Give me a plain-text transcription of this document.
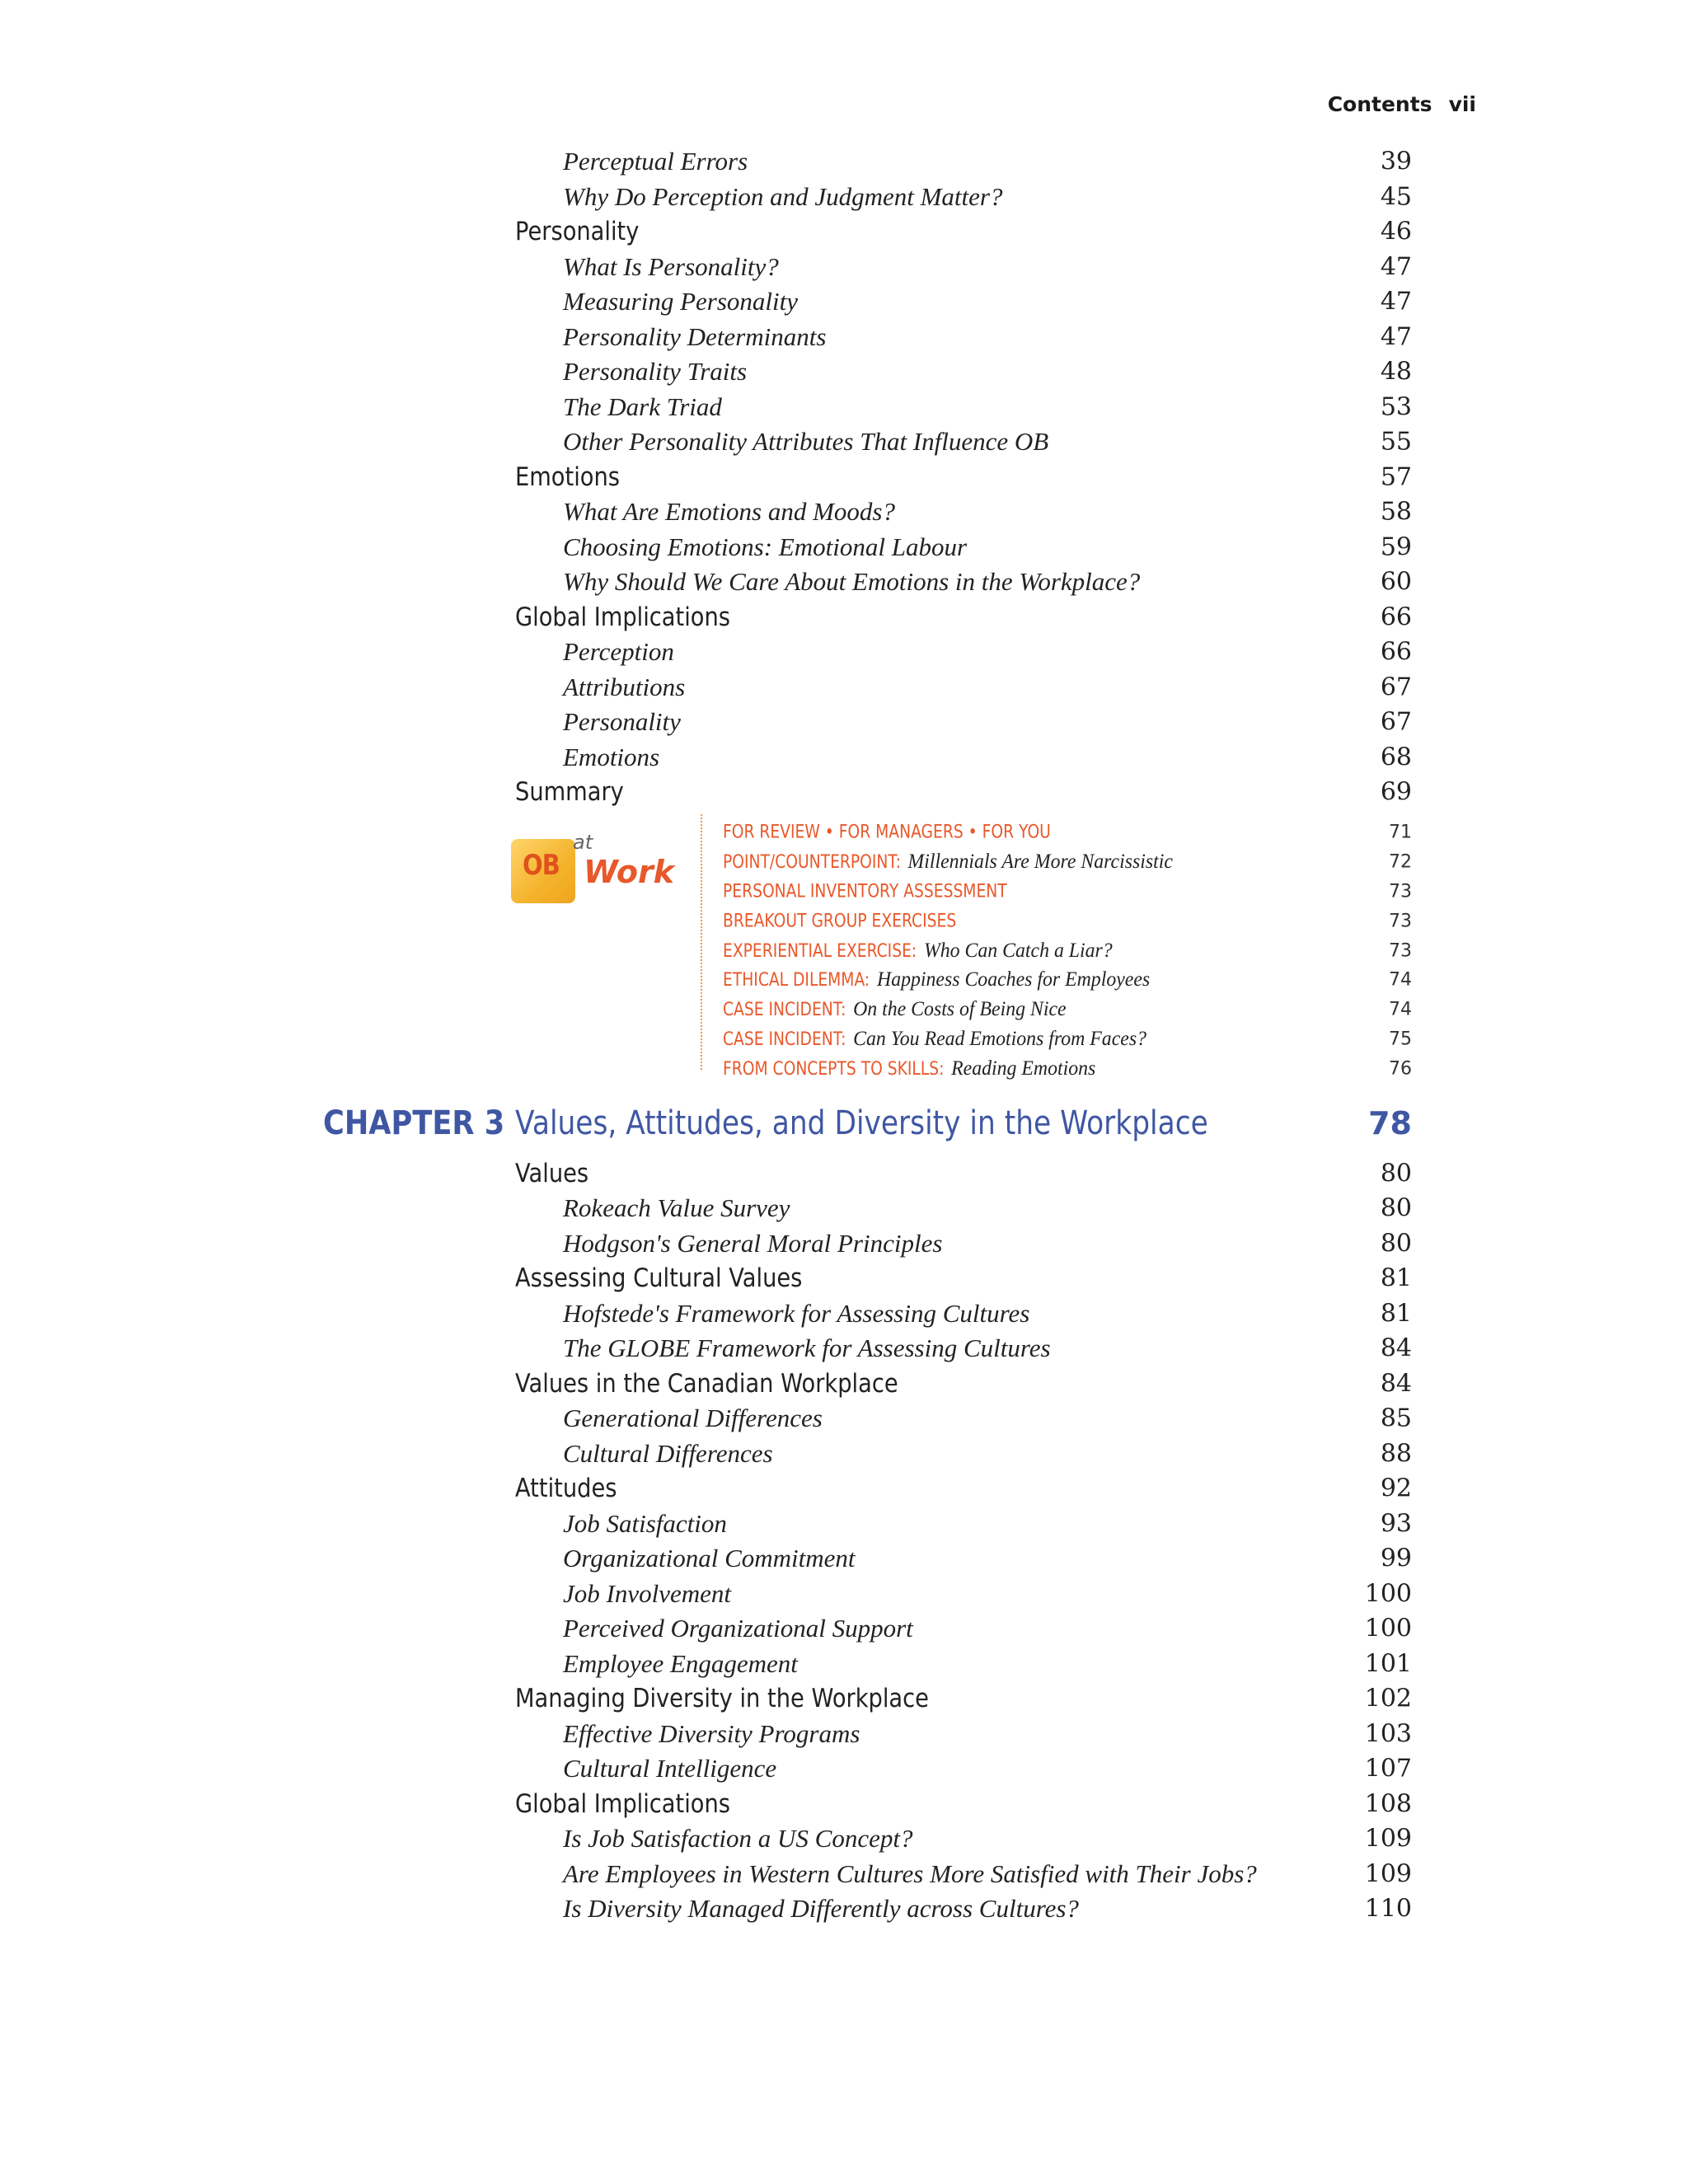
Contents vii
Perceptual Errors	39
Why Do Perception and Judgment Matter?	45
Personality	46
What Is Personality?	47
Measuring Personality	47
Personality Determinants	47
Personality Traits	48
The Dark Triad	53
Other Personality Attributes That Influence OB	55
Emotions	57
What Are Emotions and Moods?	58
Choosing Emotions: Emotional Labour	59
Why Should We Care About Emotions in the Workplace?	60
Global Implications	66
Perception	66
Attributions	67
Personality	67
Emotions	68
Summary	69
OB
at
Work
FOR REVIEW • FOR MANAGERS • FOR YOU	71
POINT/COUNTERPOINT: Millennials Are More Narcissistic	72
PERSONAL INVENTORY ASSESSMENT	73
BREAKOUT GROUP EXERCISES	73
EXPERIENTIAL EXERCISE: Who Can Catch a Liar?	73
ETHICAL DILEMMA: Happiness Coaches for Employees	74
CASE INCIDENT: On the Costs of Being Nice	74
CASE INCIDENT: Can You Read Emotions from Faces?	75
FROM CONCEPTS TO SKILLS: Reading Emotions	76
CHAPTER 3 Values, Attitudes, and Diversity in the Workplace	78
Values	80
Rokeach Value Survey	80
Hodgson's General Moral Principles	80
Assessing Cultural Values	81
Hofstede's Framework for Assessing Cultures	81
The GLOBE Framework for Assessing Cultures	84
Values in the Canadian Workplace	84
Generational Differences	85
Cultural Differences	88
Attitudes	92
Job Satisfaction	93
Organizational Commitment	99
Job Involvement	100
Perceived Organizational Support	100
Employee Engagement	101
Managing Diversity in the Workplace	102
Effective Diversity Programs	103
Cultural Intelligence	107
Global Implications	108
Is Job Satisfaction a US Concept?	109
Are Employees in Western Cultures More Satisfied with Their Jobs?	109
Is Diversity Managed Differently across Cultures?	110
